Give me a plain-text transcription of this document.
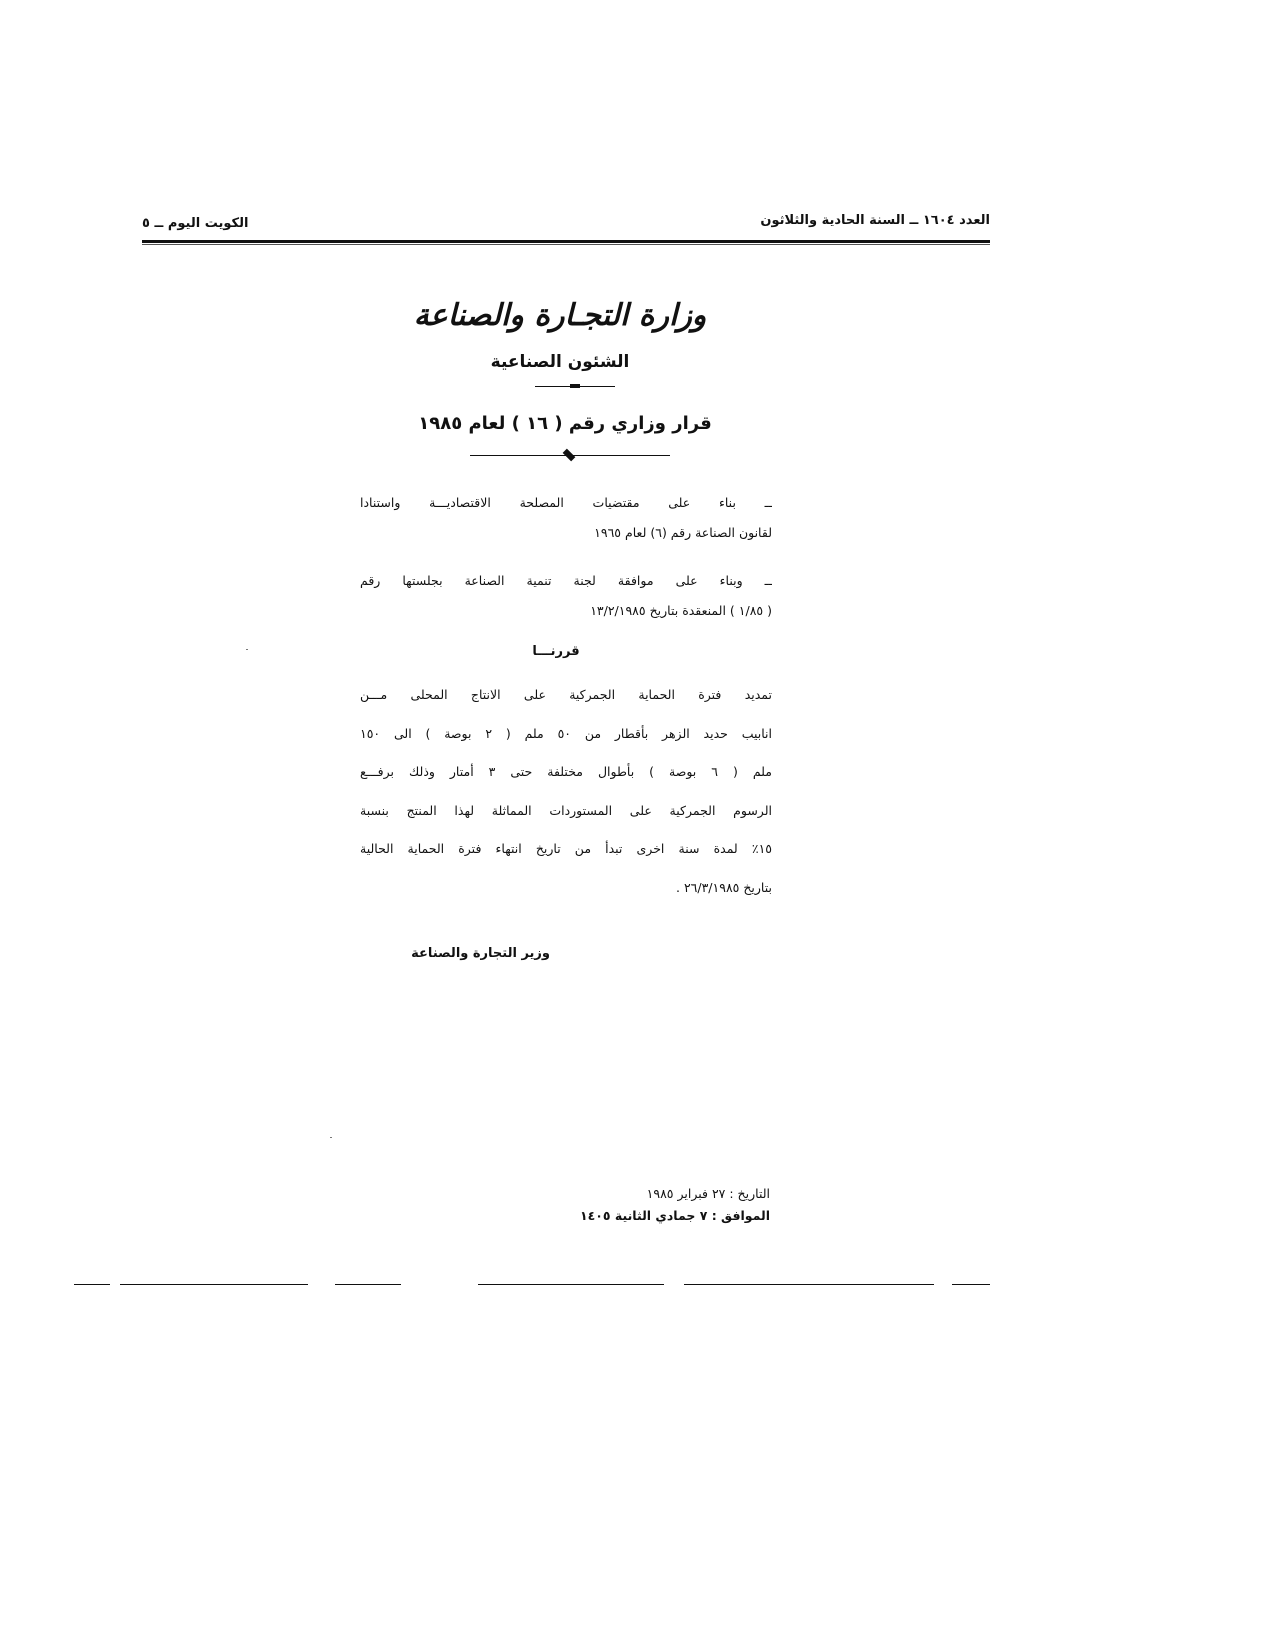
العدد ١٦٠٤ ــ السنة الحادية والثلاثون
الكويت اليوم ــ ٥
وزارة التجـارة والصناعة
الشئون الصناعية
قرار وزاري رقم ( ١٦ ) لعام ١٩٨٥
ــ بناء على مقتضيات المصلحة الاقتصاديـــة واستنادا
لقانون الصناعة رقم (٦) لعام ١٩٦٥
ــ وبناء على موافقة لجنة تنمية الصناعة بجلستها رقم
( ١/٨٥ ) المنعقدة بتاريخ ١٣/٢/١٩٨٥
قررنـــا
تمديد فترة الحماية الجمركية على الانتاج المحلى مـــن
انابيب حديد الزهر بأقطار من ٥٠ ملم ( ٢ بوصة ) الى ١٥٠
ملم ( ٦ بوصة ) بأطوال مختلفة حتى ٣ أمتار وذلك برفـــع
الرسوم الجمركية على المستوردات المماثلة لهذا المنتج بنسبة
١٥٪ لمدة سنة اخرى تبدأ من تاريخ انتهاء فترة الحماية الحالية
بتاريخ ٢٦/٣/١٩٨٥ .
وزير التجارة والصناعة
التاريخ : ٢٧ فبراير ١٩٨٥
الموافق : ٧ جمادي الثانية ١٤٠٥
